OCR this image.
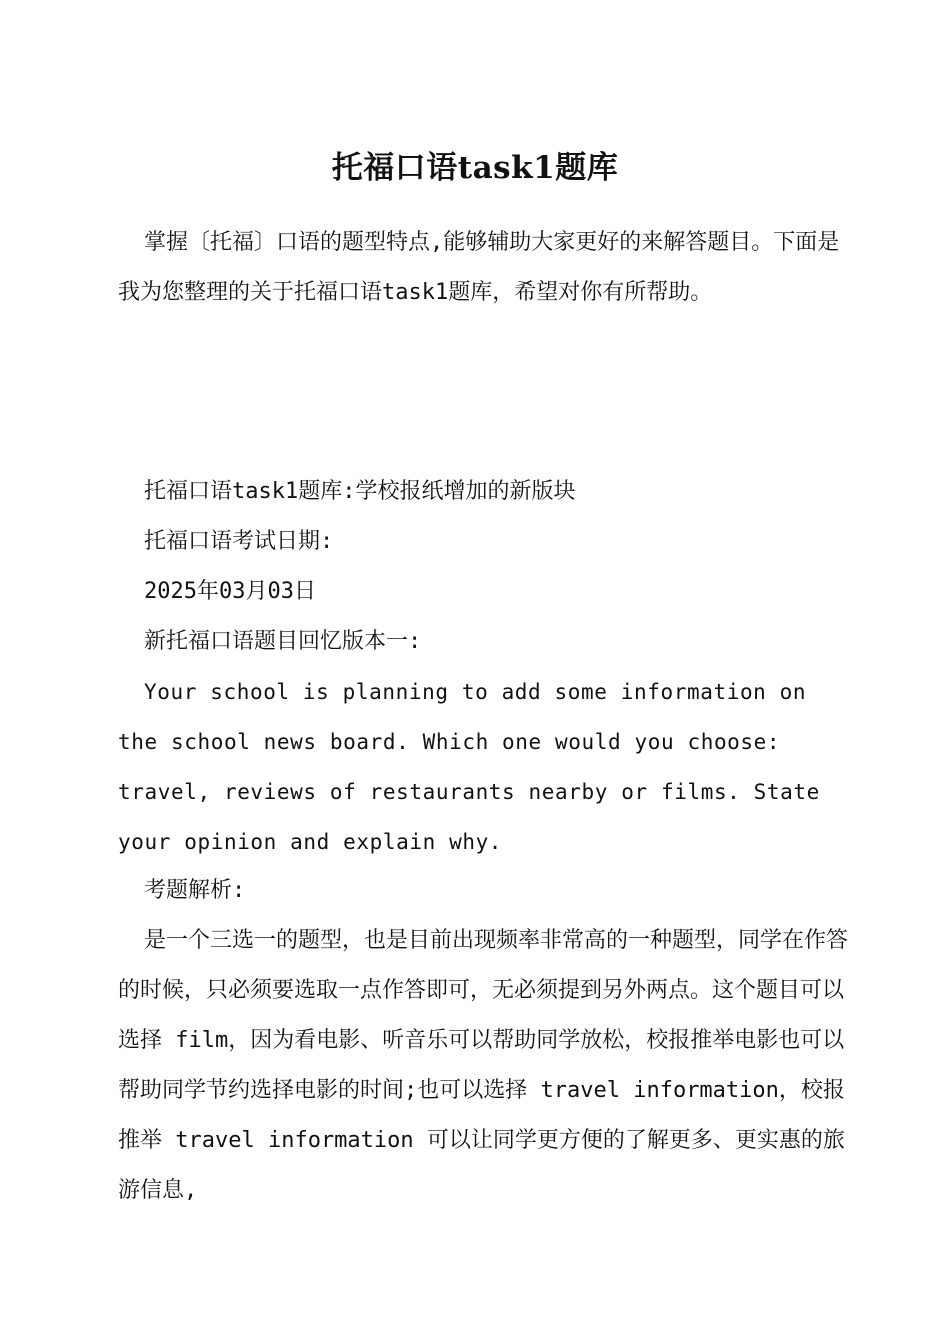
托福口语task1题库
掌握〔托福〕口语的题型特点,能够辅助大家更好的来解答题目。下面是我为您整理的关于托福口语task1题库，希望对你有所帮助。
托福口语task1题库:学校报纸增加的新版块
托福口语考试日期:
2025年03月03日
新托福口语题目回忆版本一:
Your school is planning to add some information on the school news board. Which one would you choose: travel, reviews of restaurants nearby or films. State your opinion and explain why.
考题解析:
是一个三选一的题型，也是目前出现频率非常高的一种题型，同学在作答的时候，只必须要选取一点作答即可，无必须提到另外两点。这个题目可以选择 film，因为看电影、听音乐可以帮助同学放松，校报推举电影也可以帮助同学节约选择电影的时间;也可以选择 travel information，校报推举 travel information 可以让同学更方便的了解更多、更实惠的旅游信息,
